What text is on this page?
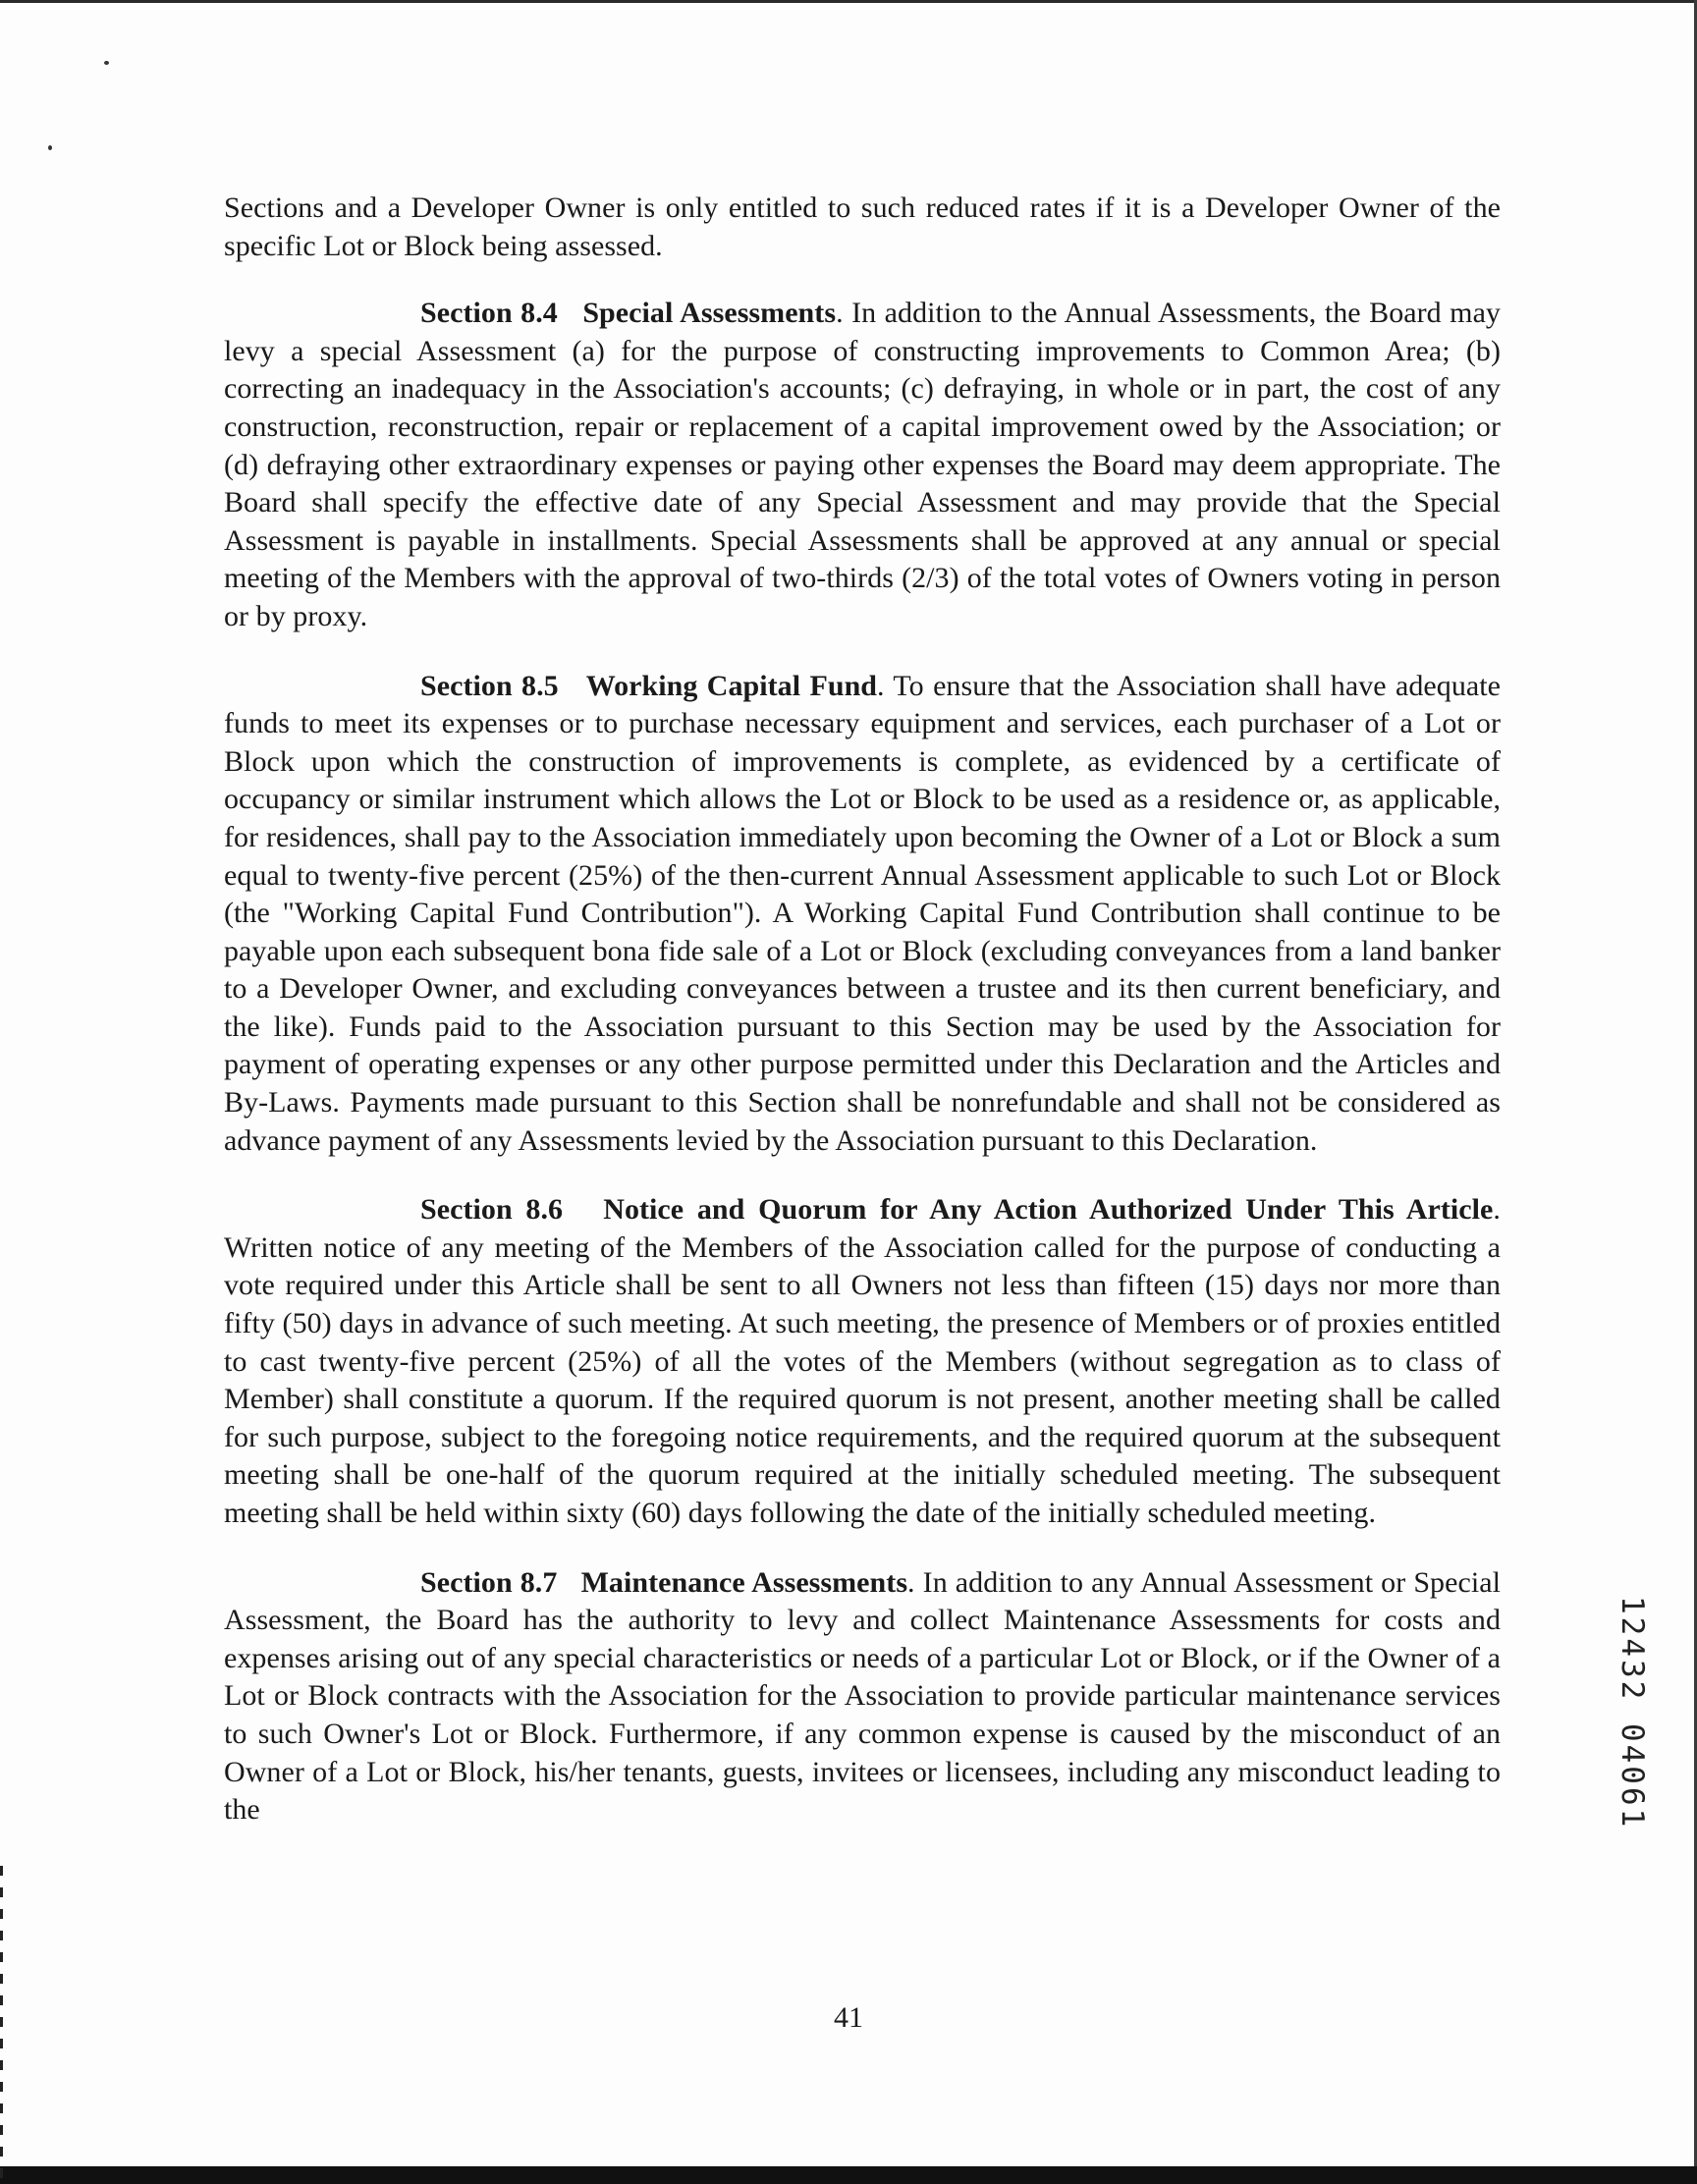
Sections and a Developer Owner is only entitled to such reduced rates if it is a Developer Owner of the specific Lot or Block being assessed.

Section 8.4 Special Assessments. In addition to the Annual Assessments, the Board may levy a special Assessment (a) for the purpose of constructing improvements to Common Area; (b) correcting an inadequacy in the Association's accounts; (c) defraying, in whole or in part, the cost of any construction, reconstruction, repair or replacement of a capital improvement owed by the Association; or (d) defraying other extraordinary expenses or paying other expenses the Board may deem appropriate. The Board shall specify the effective date of any Special Assessment and may provide that the Special Assessment is payable in installments. Special Assessments shall be approved at any annual or special meeting of the Members with the approval of two-thirds (2/3) of the total votes of Owners voting in person or by proxy.

Section 8.5 Working Capital Fund. To ensure that the Association shall have adequate funds to meet its expenses or to purchase necessary equipment and services, each purchaser of a Lot or Block upon which the construction of improvements is complete, as evidenced by a certificate of occupancy or similar instrument which allows the Lot or Block to be used as a residence or, as applicable, for residences, shall pay to the Association immediately upon becoming the Owner of a Lot or Block a sum equal to twenty-five percent (25%) of the then-current Annual Assessment applicable to such Lot or Block (the "Working Capital Fund Contribution"). A Working Capital Fund Contribution shall continue to be payable upon each subsequent bona fide sale of a Lot or Block (excluding conveyances from a land banker to a Developer Owner, and excluding conveyances between a trustee and its then current beneficiary, and the like). Funds paid to the Association pursuant to this Section may be used by the Association for payment of operating expenses or any other purpose permitted under this Declaration and the Articles and By-Laws. Payments made pursuant to this Section shall be nonrefundable and shall not be considered as advance payment of any Assessments levied by the Association pursuant to this Declaration.

Section 8.6 Notice and Quorum for Any Action Authorized Under This Article. Written notice of any meeting of the Members of the Association called for the purpose of conducting a vote required under this Article shall be sent to all Owners not less than fifteen (15) days nor more than fifty (50) days in advance of such meeting. At such meeting, the presence of Members or of proxies entitled to cast twenty-five percent (25%) of all the votes of the Members (without segregation as to class of Member) shall constitute a quorum. If the required quorum is not present, another meeting shall be called for such purpose, subject to the foregoing notice requirements, and the required quorum at the subsequent meeting shall be one-half of the quorum required at the initially scheduled meeting. The subsequent meeting shall be held within sixty (60) days following the date of the initially scheduled meeting.

Section 8.7 Maintenance Assessments. In addition to any Annual Assessment or Special Assessment, the Board has the authority to levy and collect Maintenance Assessments for costs and expenses arising out of any special characteristics or needs of a particular Lot or Block, or if the Owner of a Lot or Block contracts with the Association for the Association to provide particular maintenance services to such Owner's Lot or Block. Furthermore, if any common expense is caused by the misconduct of an Owner of a Lot or Block, his/her tenants, guests, invitees or licensees, including any misconduct leading to the

41
12432 04061
